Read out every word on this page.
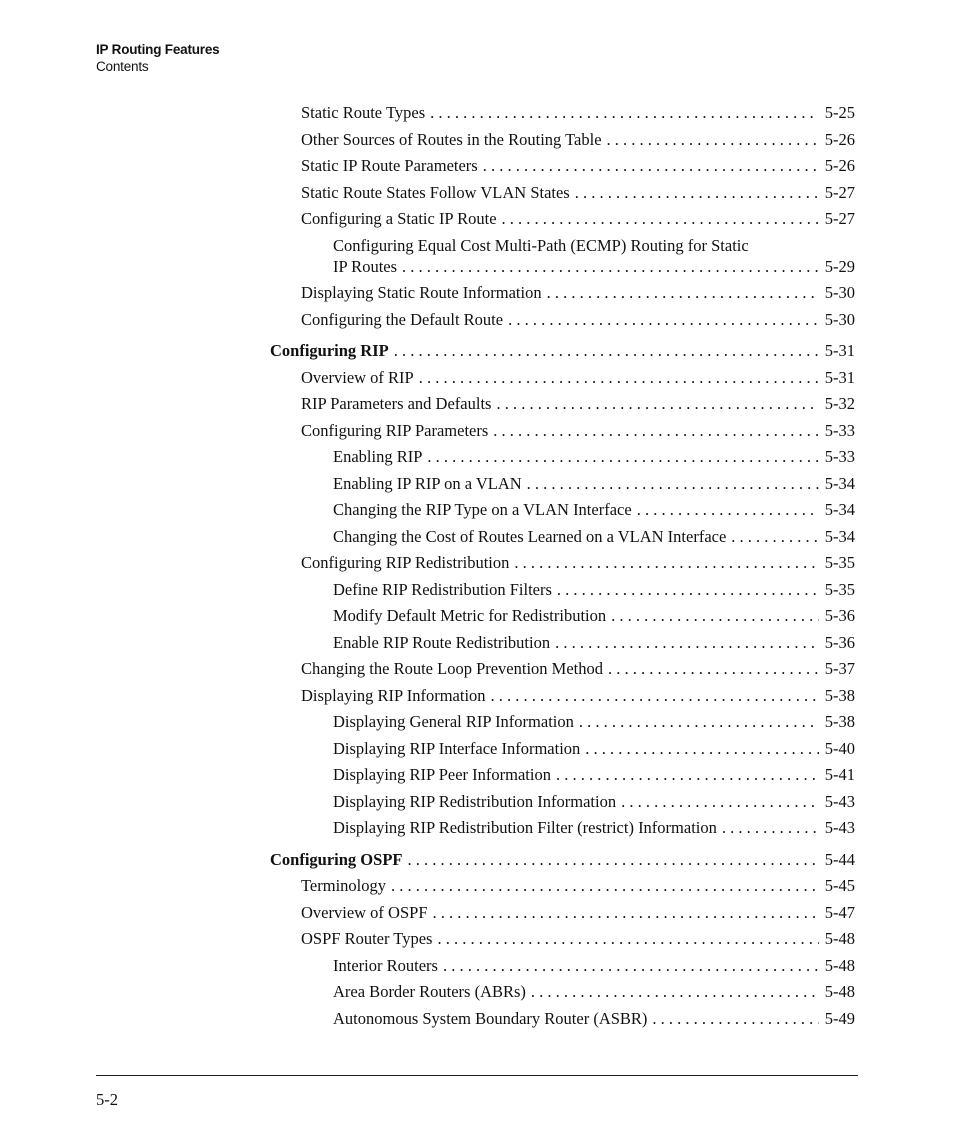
IP Routing Features
Contents
Static Route Types . . .	5-25
Other Sources of Routes in the Routing Table . . .	5-26
Static IP Route Parameters . . .	5-26
Static Route States Follow VLAN States . . .	5-27
Configuring a Static IP Route . . .	5-27
Configuring Equal Cost Multi-Path (ECMP) Routing for Static
IP Routes . . .	5-29
Displaying Static Route Information . . .	5-30
Configuring the Default Route . . .	5-30
Configuring RIP . . .	5-31
Overview of RIP . . .	5-31
RIP Parameters and Defaults . . .	5-32
Configuring RIP Parameters . . .	5-33
Enabling RIP . . .	5-33
Enabling IP RIP on a VLAN . . .	5-34
Changing the RIP Type on a VLAN Interface . . .	5-34
Changing the Cost of Routes Learned on a VLAN Interface . . .	5-34
Configuring RIP Redistribution . . .	5-35
Define RIP Redistribution Filters . . .	5-35
Modify Default Metric for Redistribution . . .	5-36
Enable RIP Route Redistribution . . .	5-36
Changing the Route Loop Prevention Method . . .	5-37
Displaying RIP Information . . .	5-38
Displaying General RIP Information . . .	5-38
Displaying RIP Interface Information . . .	5-40
Displaying RIP Peer Information . . .	5-41
Displaying RIP Redistribution Information . . .	5-43
Displaying RIP Redistribution Filter (restrict) Information . . .	5-43
Configuring OSPF . . .	5-44
Terminology . . .	5-45
Overview of OSPF . . .	5-47
OSPF Router Types . . .	5-48
Interior Routers . . .	5-48
Area Border Routers (ABRs) . . .	5-48
Autonomous System Boundary Router (ASBR) . . .	5-49
5-2
